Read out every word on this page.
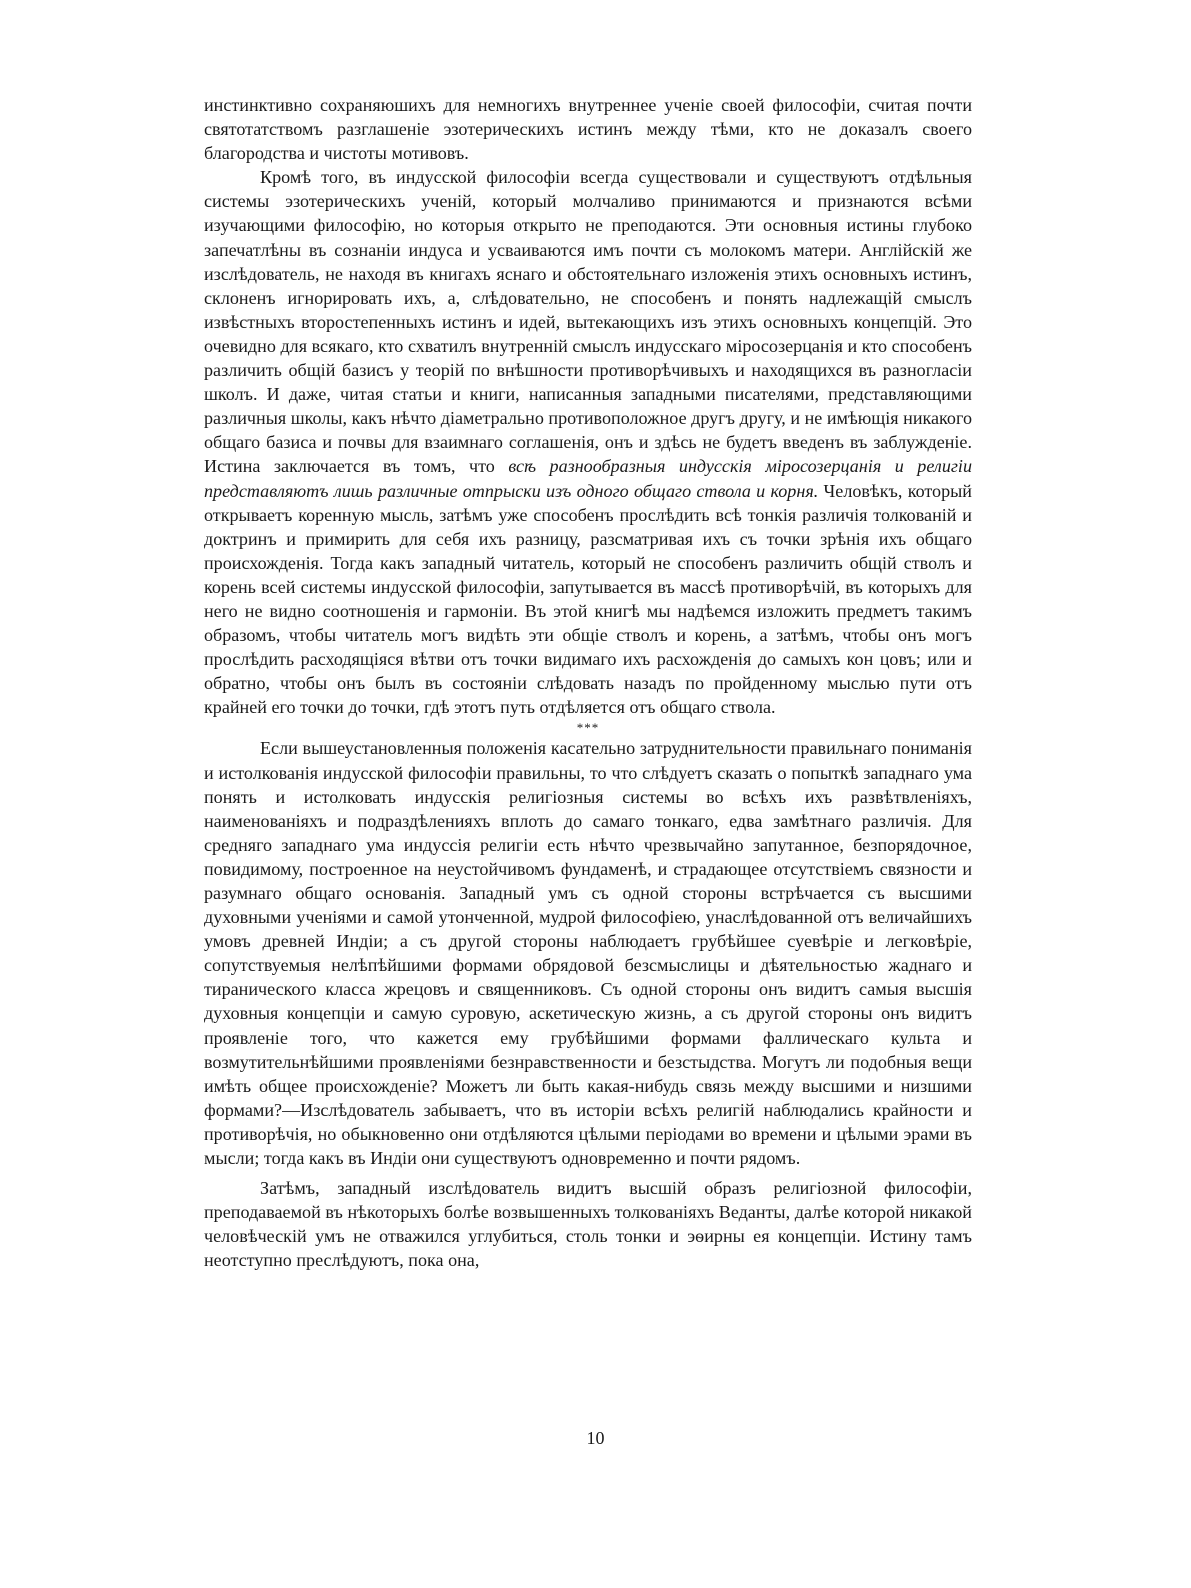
инстинктивно сохраняюшихъ для немногихъ внутреннее ученіе своей философіи, считая почти святотатствомъ разглашеніе эзотерическихъ истинъ между тѣми, кто не доказалъ своего благородства и чистоты мотивовъ.

Кромѣ того, въ индусской философіи всегда существовали и существуютъ отдѣльныя системы эзотерическихъ ученій, который молчаливо принимаются и признаются всѣми изучающими философію, но которыя открыто не преподаются. Эти основныя истины глубоко запечатлѣны въ сознаніи индуса и усваиваются имъ почти съ молокомъ матери. Англійскій же изслѣдователь, не находя въ книгахъ яснаго и обстоятельнаго изложенія этихъ основныхъ истинъ, склоненъ игнорировать ихъ, а, слѣдовательно, не способенъ и понять надлежащій смыслъ извѣстныхъ второстепенныхъ истинъ и идей, вытекающихъ изъ этихъ основныхъ концепцій. Это очевидно для всякаго, кто схватилъ внутренній смыслъ индусскаго міросозерцанія и кто способенъ различить общій базисъ у теорій по внѣшности противорѣчивыхъ и находящихся въ разногласіи школъ. И даже, читая статьи и книги, написанныя западными писателями, представляющими различныя школы, какъ нѣчто діаметрально противоположное другъ другу, и не имѣющія никакого общаго базиса и почвы для взаимнаго соглашенія, онъ и здѣсь не будетъ введенъ въ заблужденіе. Истина заключается въ томъ, что всѣ разнообразныя индусскія міросозерцанія и религіи представляютъ лишь различные отпрыски изъ одного общаго ствола и корня. Человѣкъ, который открываетъ коренную мысль, затѣмъ уже способенъ прослѣдить всѣ тонкія различія толкованій и доктринъ и примирить для себя ихъ разницу, разсматривая ихъ съ точки зрѣнія ихъ общаго происхожденія. Тогда какъ западный читатель, который не способенъ различить общій стволъ и корень всей системы индусской философіи, запутывается въ массѣ противорѣчій, въ которыхъ для него не видно соотношенія и гармоніи. Въ этой книгѣ мы надѣемся изложить предметъ такимъ образомъ, чтобы читатель могъ видѣть эти общіе стволъ и корень, а затѣмъ, чтобы онъ могъ прослѣдить расходящіяся вѣтви отъ точки видимаго ихъ расхожденія до самыхъ кон цовъ; или и обратно, чтобы онъ былъ въ состояніи слѣдовать назадъ по пройденному мыслью пути отъ крайней его точки до точки, гдѣ этотъ путь отдѣляется отъ общаго ствола.

***

Если вышеустановленныя положенія касательно затруднительности правильнаго пониманія и истолкованія индусской философіи правильны, то что слѣдуетъ сказать о попыткѣ западнаго ума понять и истолковать индусскія религіозныя системы во всѣхъ ихъ развѣтвленіяхъ, наименованіяхъ и подраздѣленияхъ вплоть до самаго тонкаго, едва замѣтнаго различія. Для средняго западнаго ума индуссія религіи есть нѣчто чрезвычайно запутанное, безпорядочное, повидимому, построенное на неустойчивомъ фундаменѣ, и страдающее отсутствіемъ связности и разумнаго общаго основанія. Западный умъ съ одной стороны встрѣчается съ высшими духовными ученіями и самой утонченной, мудрой философіею, унаслѣдованной отъ величайшихъ умовъ древней Индіи; а съ другой стороны наблюдаетъ грубѣйшее суевѣріе и легковѣріе, сопутствуемыя нелѣпѣйшими формами обрядовой безсмыслицы и дѣятельностью жаднаго и тиранического класса жрецовъ и священниковъ. Съ одной стороны онъ видитъ самыя высшія духовныя концепціи и самую суровую, аскетическую жизнь, а съ другой стороны онъ видитъ проявленіе того, что кажется ему грубѣйшими формами фаллическаго культа и возмутительнѣйшими проявленіями безнравственности и безстыдства. Могутъ ли подобныя вещи имѣть общее происхожденіе? Можетъ ли быть какая-нибудь связь между высшими и низшими формами?—Изслѣдователь забываетъ, что въ исторіи всѣхъ религій наблюдались крайности и противорѣчія, но обыкновенно они отдѣляются цѣлыми періодами во времени и цѣлыми эрами въ мысли; тогда какъ въ Индіи они существуютъ одновременно и почти рядомъ.

Затѣмъ, западный изслѣдователь видитъ высшій образъ религіозной философіи, преподаваемой въ нѣкоторыхъ болѣе возвышенныхъ толкованіяхъ Веданты, далѣе которой никакой человѣческій умъ не отважился углубиться, столь тонки и эѳирны ея концепціи. Истину тамъ неотступно преслѣдуютъ, пока она,

10
